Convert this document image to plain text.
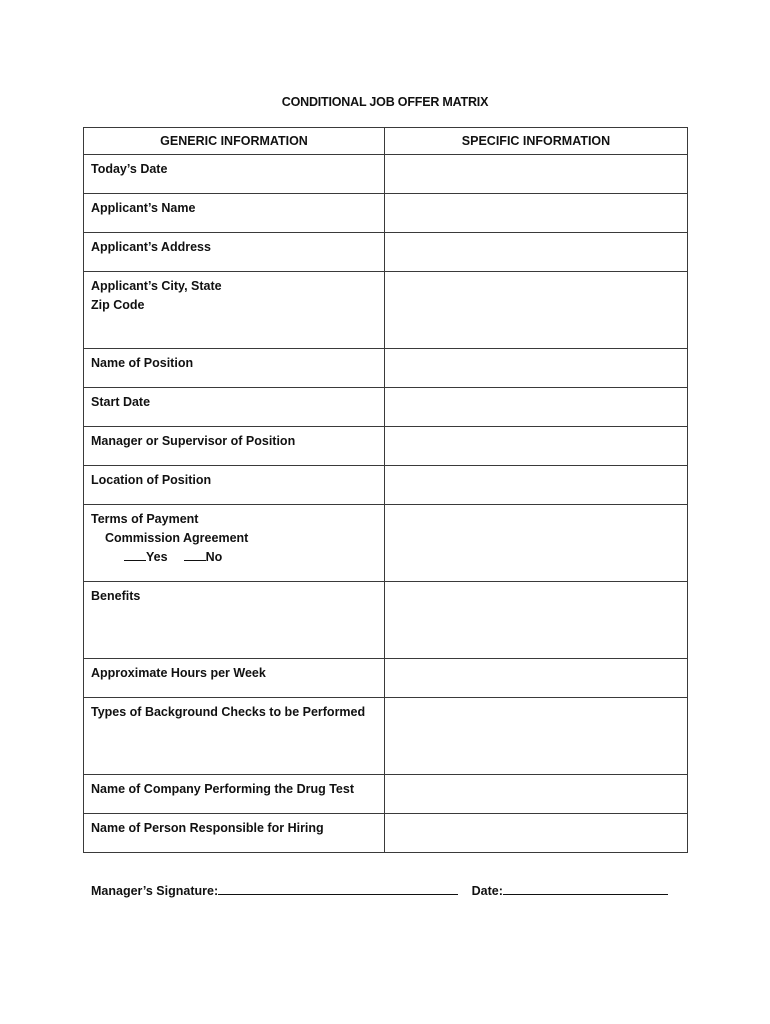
CONDITIONAL JOB OFFER MATRIX
GENERIC INFORMATION	SPECIFIC INFORMATION

Today’s Date	

Applicant’s Name	

Applicant’s Address	

Applicant’s City, State
Zip Code	

Name of Position	

Start Date	

Manager or Supervisor of Position	

Location of Position	

Terms of Payment
Commission Agreement
Yes No	

Benefits	

Approximate Hours per Week	

Types of Background Checks to be Performed	

Name of Company Performing the Drug Test	

Name of Person Responsible for Hiring	

Manager’s Signature:	Date:
